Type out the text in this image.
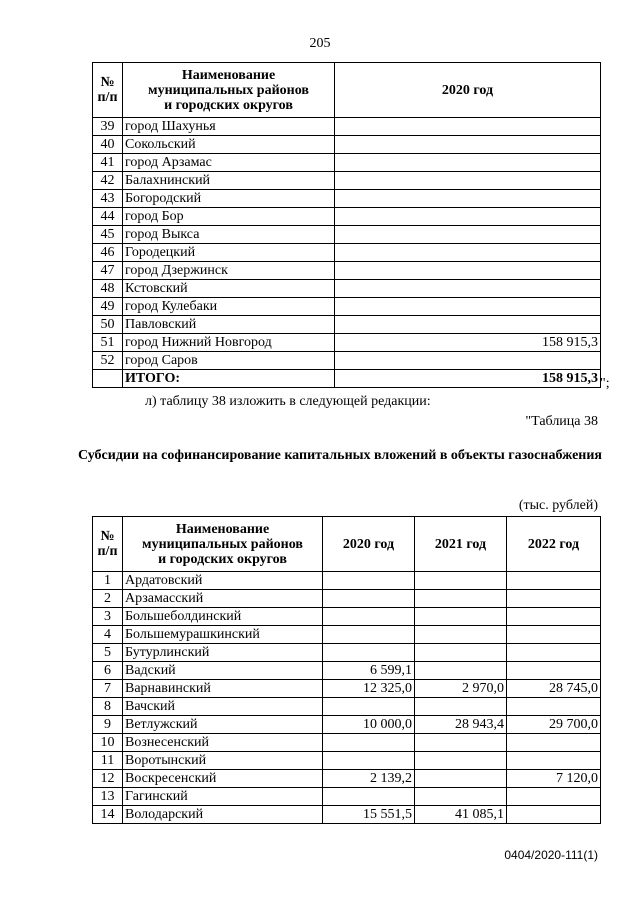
205
№
п/п	Наименование
муниципальных районов
и городских округов	2020 год
39	город Шахунья	
40	Сокольский	
41	город Арзамас	
42	Балахнинский	
43	Богородский	
44	город Бор	
45	город Выкса	
46	Городецкий	
47	город Дзержинск	
48	Кстовский	
49	город Кулебаки	
50	Павловский	
51	город Нижний Новгород	158 915,3
52	город Саров	
	ИТОГО:	158 915,3 ";
л) таблицу 38 изложить в следующей редакции:
"Таблица 38
Субсидии на софинансирование капитальных вложений в объекты газоснабжения
(тыс. рублей)
№
п/п	Наименование
муниципальных районов
и городских округов	2020 год	2021 год	2022 год
1	Ардатовский			
2	Арзамасский			
3	Большеболдинский			
4	Большемурашкинский			
5	Бутурлинский			
6	Вадский	6 599,1		
7	Варнавинский	12 325,0	2 970,0	28 745,0
8	Вачский			
9	Ветлужский	10 000,0	28 943,4	29 700,0
10	Вознесенский			
11	Воротынский			
12	Воскресенский	2 139,2		7 120,0
13	Гагинский			
14	Володарский	15 551,5	41 085,1	
0404/2020-111(1)
